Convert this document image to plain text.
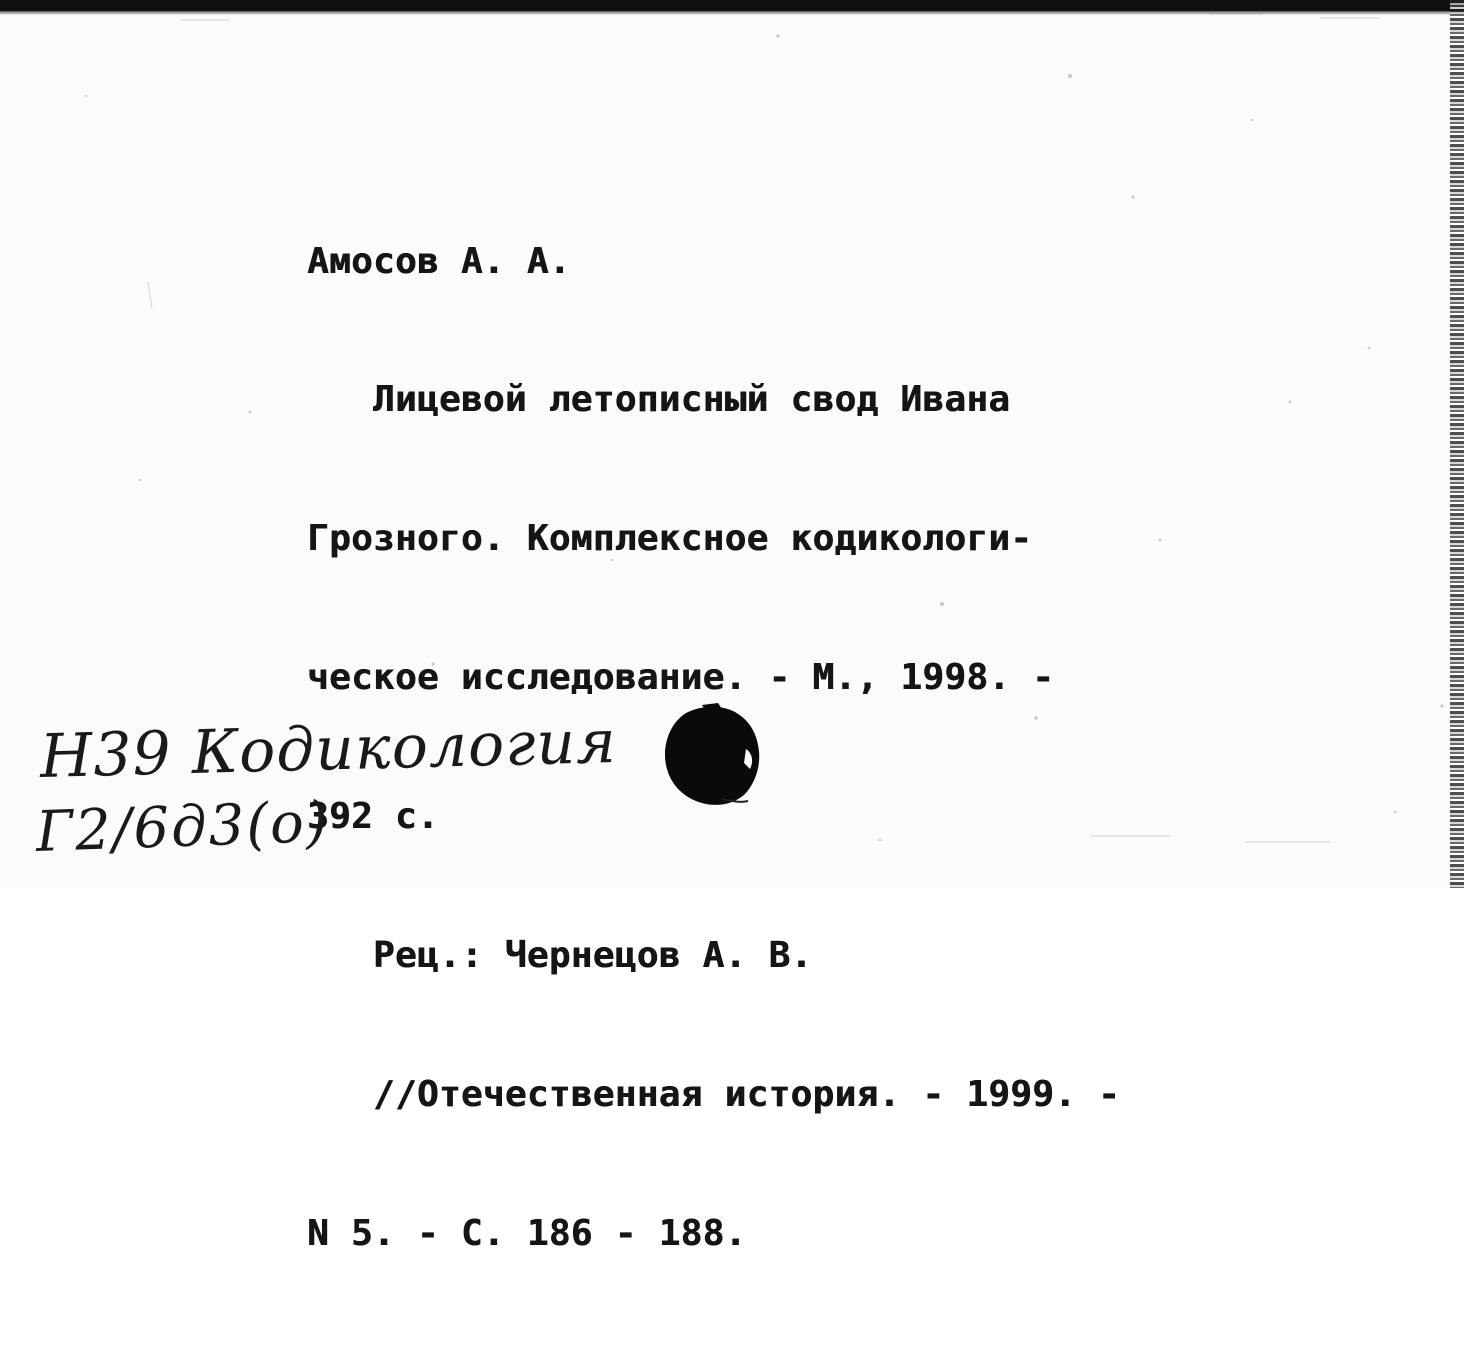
Амосов А. А.

Лицевой летописный свод Ивана

Грозного. Комплексное кодикологи-

ческое исследование. - М., 1998. -

392 с.

Рец.: Чернецов А. В.

//Отечественная история. - 1999. -

N 5. - С. 186 - 188.

Н39 Кодикология
Г2/6д3(о)
